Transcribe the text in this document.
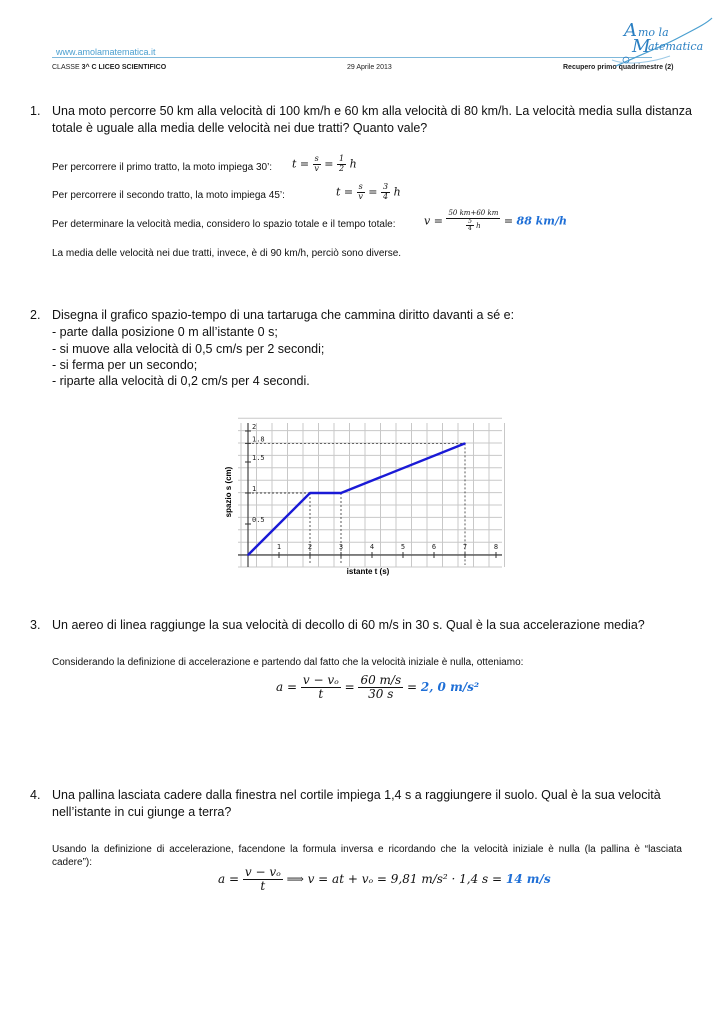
www.amolamatematica.it
CLASSE 3^ C LICEO SCIENTIFICO	29 Aprile 2013	Recupero primo quadrimestre (2)
A mo la
M
atematica
1. Una moto percorre 50 km alla velocità di 100 km/h e 60 km alla velocità di 80 km/h. La velocità media sulla distanza totale è uguale alla media delle velocità nei due tratti? Quanto vale?
Per percorrere il primo tratto, la moto impiega 30’: $t = \frac{s}{v} = \frac{1}{2}$ h
Per percorrere il secondo tratto, la moto impiega 45’:	$t = \frac{s}{v} = \frac{3}{4}$ h
Per determinare la velocità media, considero lo spazio totale e il tempo totale:	$v = \frac{50 km+60 km}{\frac{5}{4} h} = 88$ km/h
La media delle velocità nei due tratti, invece, è di 90 km/h, perciò sono diverse.
2. Disegna il grafico spazio-tempo di una tartaruga che cammina diritto davanti a sé e:
- parte dalla posizione 0 m all’istante 0 s;
- si muove alla velocità di 0,5 cm/s per 2 secondi;
- si ferma per un secondo;
- riparte alla velocità di 0,2 cm/s per 4 secondi.
1	2	3	4	5	6	7	8
0.5
1
1.5
1.8
2
spazio s (cm)
istante t (s)
3. Un aereo di linea raggiunge la sua velocità di decollo di 60 m/s in 30 s. Qual è la sua accelerazione media?
Considerando la definizione di accelerazione e partendo dal fatto che la velocità iniziale è nulla, otteniamo:
$a = \frac{\text{v − vₒ}}{t} = \frac{60 m/s}{30 s} = 2$, 0 m/s²
4. Una pallina lasciata cadere dalla finestra nel cortile impiega 1,4 s a raggiungere il suolo. Qual è la sua velocità nell’istante in cui giunge a terra?
Usando la definizione di accelerazione, facendone la formula inversa e ricordando che la velocità iniziale è nulla (la pallina è “lasciata cadere”):
$a = \frac{\text{v − vₒ}}{t}$ ⟹ v = at + vₒ = 9,81 m/s² · 1,4 s = 14 m/s
